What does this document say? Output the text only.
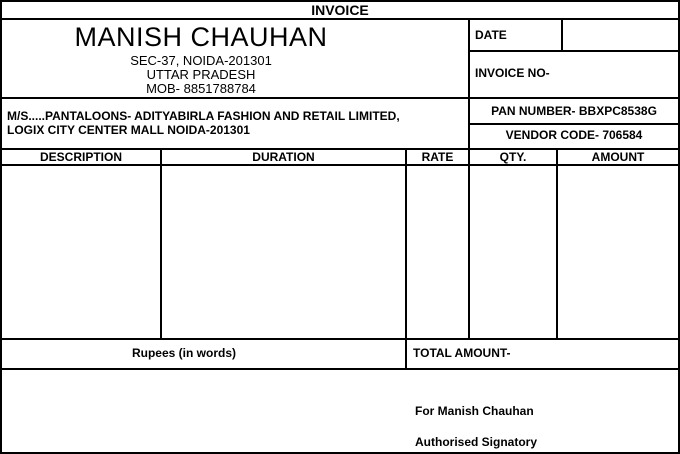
INVOICE
MANISH CHAUHAN
SEC-37, NOIDA-201301
UTTAR PRADESH
MOB- 8851788784
DATE
INVOICE NO-
PAN NUMBER- BBXPC8538G
VENDOR CODE- 706584
M/S.....PANTALOONS- ADITYABIRLA FASHION AND RETAIL LIMITED,
LOGIX CITY CENTER MALL NOIDA-201301
DESCRIPTION	DURATION	RATE	QTY.	AMOUNT
Rupees (in words)	TOTAL AMOUNT-
For Manish Chauhan
Authorised Signatory
